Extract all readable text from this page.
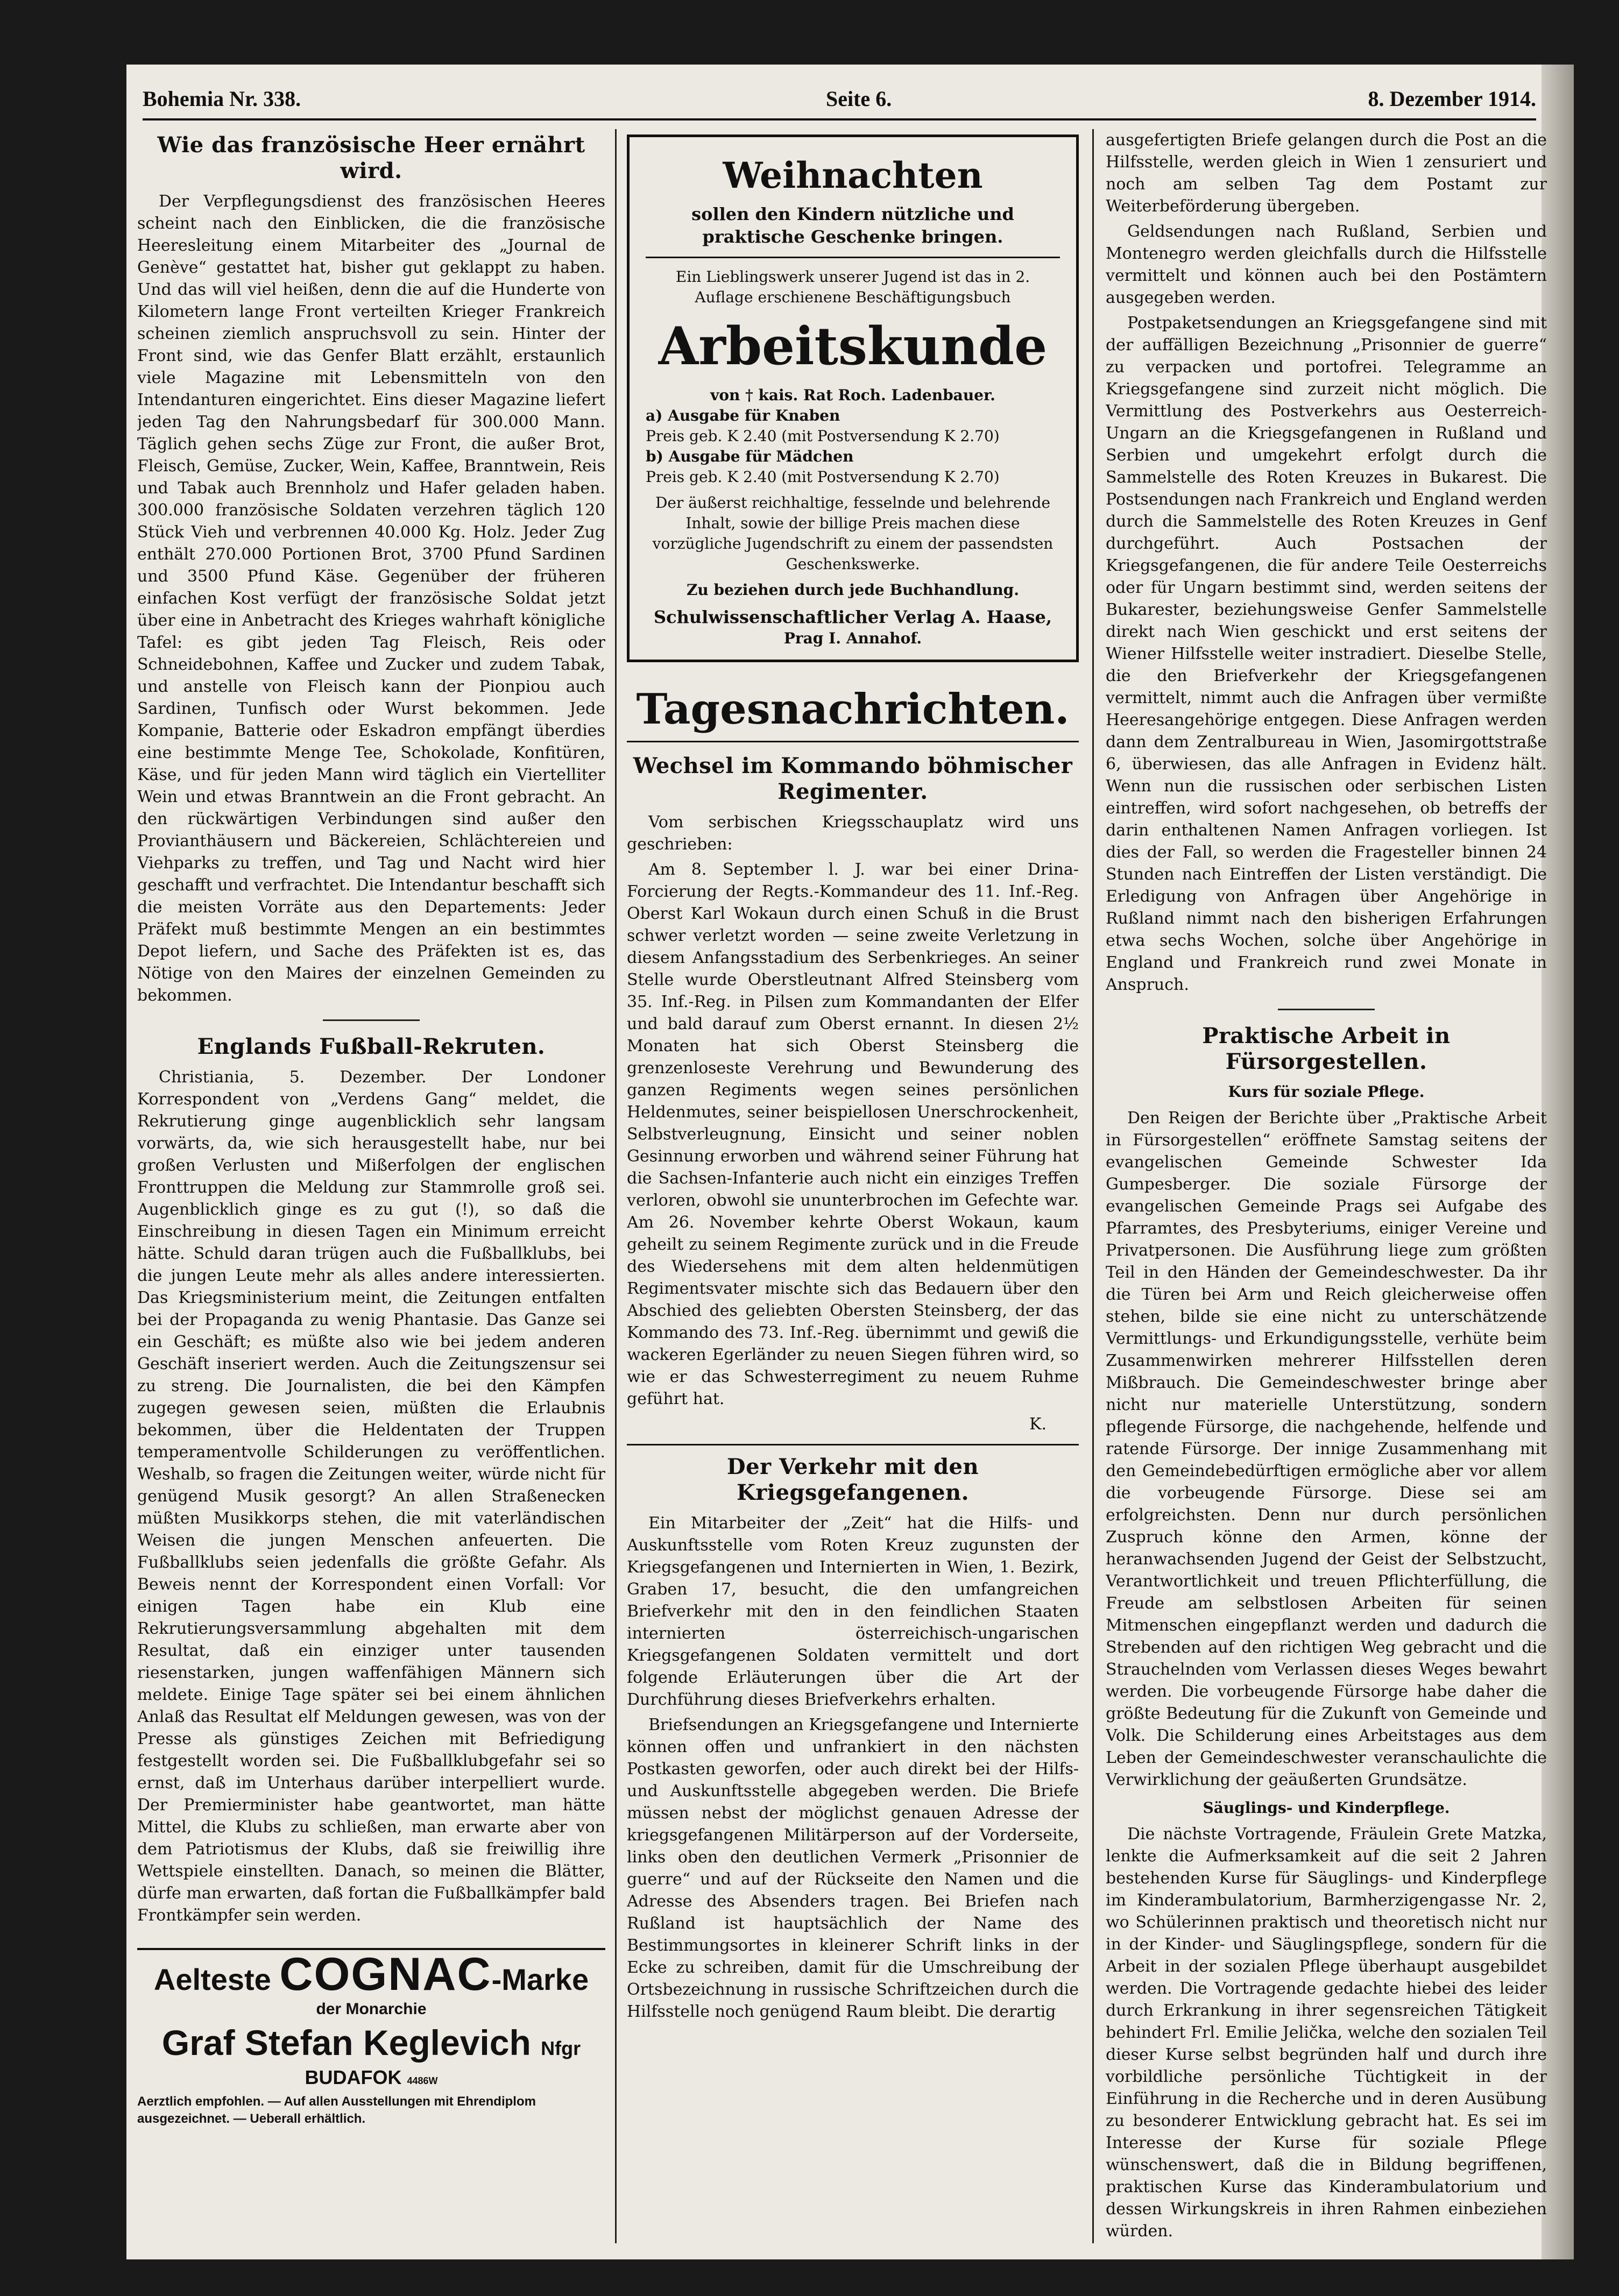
Bohemia Nr. 338.	Seite 6.	8. Dezember 1914.
Wie das französische Heer ernährt wird.

Der Verpflegungsdienst des französischen Heeres scheint nach den Einblicken, die die französische Heeresleitung einem Mitarbeiter des „Journal de Genève“ gestattet hat, bisher gut geklappt zu haben. Und das will viel heißen, denn die auf die Hunderte von Kilometern lange Front verteilten Krieger Frankreich scheinen ziemlich anspruchsvoll zu sein. Hinter der Front sind, wie das Genfer Blatt erzählt, erstaunlich viele Magazine mit Lebensmitteln von den Intendanturen eingerichtet. Eins dieser Magazine liefert jeden Tag den Nahrungsbedarf für 300.000 Mann. Täglich gehen sechs Züge zur Front, die außer Brot, Fleisch, Gemüse, Zucker, Wein, Kaffee, Branntwein, Reis und Tabak auch Brennholz und Hafer geladen haben. 300.000 französische Soldaten verzehren täglich 120 Stück Vieh und verbrennen 40.000 Kg. Holz. Jeder Zug enthält 270.000 Portionen Brot, 3700 Pfund Sardinen und 3500 Pfund Käse. Gegenüber der früheren einfachen Kost verfügt der französische Soldat jetzt über eine in Anbetracht des Krieges wahrhaft königliche Tafel: es gibt jeden Tag Fleisch, Reis oder Schneidebohnen, Kaffee und Zucker und zudem Tabak, und anstelle von Fleisch kann der Pionpiou auch Sardinen, Tunfisch oder Wurst bekommen. Jede Kompanie, Batterie oder Eskadron empfängt überdies eine bestimmte Menge Tee, Schokolade, Konfitüren, Käse, und für jeden Mann wird täglich ein Viertelliter Wein und etwas Branntwein an die Front gebracht. An den rückwärtigen Verbindungen sind außer den Provianthäusern und Bäckereien, Schlächtereien und Viehparks zu treffen, und Tag und Nacht wird hier geschafft und verfrachtet. Die Intendantur beschafft sich die meisten Vorräte aus den Departements: Jeder Präfekt muß bestimmte Mengen an ein bestimmtes Depot liefern, und Sache des Präfekten ist es, das Nötige von den Maires der einzelnen Gemeinden zu bekommen.

Englands Fußball-Rekruten.

Christiania, 5. Dezember. Der Londoner Korrespondent von „Verdens Gang“ meldet, die Rekrutierung ginge augenblicklich sehr langsam vorwärts, da, wie sich herausgestellt habe, nur bei großen Verlusten und Mißerfolgen der englischen Fronttruppen die Meldung zur Stammrolle groß sei. Augenblicklich ginge es zu gut (!), so daß die Einschreibung in diesen Tagen ein Minimum erreicht hätte. Schuld daran trügen auch die Fußballklubs, bei die jungen Leute mehr als alles andere interessierten. Das Kriegsministerium meint, die Zeitungen entfalten bei der Propaganda zu wenig Phantasie. Das Ganze sei ein Geschäft; es müßte also wie bei jedem anderen Geschäft inseriert werden. Auch die Zeitungszensur sei zu streng. Die Journalisten, die bei den Kämpfen zugegen gewesen seien, müßten die Erlaubnis bekommen, über die Heldentaten der Truppen temperamentvolle Schilderungen zu veröffentlichen. Weshalb, so fragen die Zeitungen weiter, würde nicht für genügend Musik gesorgt? An allen Straßenecken müßten Musikkorps stehen, die mit vaterländischen Weisen die jungen Menschen anfeuerten. Die Fußballklubs seien jedenfalls die größte Gefahr. Als Beweis nennt der Korrespondent einen Vorfall: Vor einigen Tagen habe ein Klub eine Rekrutierungsversammlung abgehalten mit dem Resultat, daß ein einziger unter tausenden riesenstarken, jungen waffenfähigen Männern sich meldete. Einige Tage später sei bei einem ähnlichen Anlaß das Resultat elf Meldungen gewesen, was von der Presse als günstiges Zeichen mit Befriedigung festgestellt worden sei. Die Fußballklubgefahr sei so ernst, daß im Unterhaus darüber interpelliert wurde. Der Premierminister habe geantwortet, man hätte Mittel, die Klubs zu schließen, man erwarte aber von dem Patriotismus der Klubs, daß sie freiwillig ihre Wettspiele einstellten. Danach, so meinen die Blätter, dürfe man erwarten, daß fortan die Fußballkämpfer bald Frontkämpfer sein werden.

Aelteste COGNAC-Marke
der Monarchie
Graf Stefan Keglevich Nfgr
BUDAFOK 4486W
Aerztlich empfohlen. — Auf allen Ausstellungen mit Ehrendiplom ausgezeichnet. — Ueberall erhältlich.
Weihnachten
sollen den Kindern nützliche und praktische Geschenke bringen.
Ein Lieblingswerk unserer Jugend ist das in 2. Auflage erschienene Beschäftigungsbuch
Arbeitskunde
von † kais. Rat Roch. Ladenbauer.
a) Ausgabe für Knaben
Preis geb. K 2.40 (mit Postversendung K 2.70)
b) Ausgabe für Mädchen
Preis geb. K 2.40 (mit Postversendung K 2.70)
Der äußerst reichhaltige, fesselnde und belehrende Inhalt, sowie der billige Preis machen diese vorzügliche Jugendschrift zu einem der passendsten Geschenkswerke.
Zu beziehen durch jede Buchhandlung.
Schulwissenschaftlicher Verlag A. Haase,
Prag I. Annahof.
Tagesnachrichten.
Wechsel im Kommando böhmischer Regimenter.

Vom serbischen Kriegsschauplatz wird uns geschrieben:

Am 8. September l. J. war bei einer Drina-Forcierung der Regts.-Kommandeur des 11. Inf.-Reg. Oberst Karl Wokaun durch einen Schuß in die Brust schwer verletzt worden — seine zweite Verletzung in diesem Anfangsstadium des Serbenkrieges. An seiner Stelle wurde Oberstleutnant Alfred Steinsberg vom 35. Inf.-Reg. in Pilsen zum Kommandanten der Elfer und bald darauf zum Oberst ernannt. In diesen 2½ Monaten hat sich Oberst Steinsberg die grenzenloseste Verehrung und Bewunderung des ganzen Regiments wegen seines persönlichen Heldenmutes, seiner beispiellosen Unerschrockenheit, Selbstverleugnung, Einsicht und seiner noblen Gesinnung erworben und während seiner Führung hat die Sachsen-Infanterie auch nicht ein einziges Treffen verloren, obwohl sie ununterbrochen im Gefechte war. Am 26. November kehrte Oberst Wokaun, kaum geheilt zu seinem Regimente zurück und in die Freude des Wiedersehens mit dem alten heldenmütigen Regimentsvater mischte sich das Bedauern über den Abschied des geliebten Obersten Steinsberg, der das Kommando des 73. Inf.-Reg. übernimmt und gewiß die wackeren Egerländer zu neuen Siegen führen wird, so wie er das Schwesterregiment zu neuem Ruhme geführt hat.

K.
Der Verkehr mit den Kriegsgefangenen.

Ein Mitarbeiter der „Zeit“ hat die Hilfs- und Auskunftsstelle vom Roten Kreuz zugunsten der Kriegsgefangenen und Internierten in Wien, 1. Bezirk, Graben 17, besucht, die den umfangreichen Briefverkehr mit den in den feindlichen Staaten internierten österreichisch-ungarischen Kriegsgefangenen Soldaten vermittelt und dort folgende Erläuterungen über die Art der Durchführung dieses Briefverkehrs erhalten.

Briefsendungen an Kriegsgefangene und Internierte können offen und unfrankiert in den nächsten Postkasten geworfen, oder auch direkt bei der Hilfs- und Auskunftsstelle abgegeben werden. Die Briefe müssen nebst der möglichst genauen Adresse der kriegsgefangenen Militärperson auf der Vorderseite, links oben den deutlichen Vermerk „Prisonnier de guerre“ und auf der Rückseite den Namen und die Adresse des Absenders tragen. Bei Briefen nach Rußland ist hauptsächlich der Name des Bestimmungsortes in kleinerer Schrift links in der Ecke zu schreiben, damit für die Umschreibung der Ortsbezeichnung in russische Schriftzeichen durch die Hilfsstelle noch genügend Raum bleibt. Die derartig

ausgefertigten Briefe gelangen durch die Post an die Hilfsstelle, werden gleich in Wien 1 zensuriert und noch am selben Tag dem Postamt zur Weiterbeförderung übergeben.

Geldsendungen nach Rußland, Serbien und Montenegro werden gleichfalls durch die Hilfsstelle vermittelt und können auch bei den Postämtern ausgegeben werden.

Postpaketsendungen an Kriegsgefangene sind mit der auffälligen Bezeichnung „Prisonnier de guerre“ zu verpacken und portofrei. Telegramme an Kriegsgefangene sind zurzeit nicht möglich. Die Vermittlung des Postverkehrs aus Oesterreich-Ungarn an die Kriegsgefangenen in Rußland und Serbien und umgekehrt erfolgt durch die Sammelstelle des Roten Kreuzes in Bukarest. Die Postsendungen nach Frankreich und England werden durch die Sammelstelle des Roten Kreuzes in Genf durchgeführt. Auch Postsachen der Kriegsgefangenen, die für andere Teile Oesterreichs oder für Ungarn bestimmt sind, werden seitens der Bukarester, beziehungsweise Genfer Sammelstelle direkt nach Wien geschickt und erst seitens der Wiener Hilfsstelle weiter instradiert. Dieselbe Stelle, die den Briefverkehr der Kriegsgefangenen vermittelt, nimmt auch die Anfragen über vermißte Heeresangehörige entgegen. Diese Anfragen werden dann dem Zentralbureau in Wien, Jasomirgottstraße 6, überwiesen, das alle Anfragen in Evidenz hält. Wenn nun die russischen oder serbischen Listen eintreffen, wird sofort nachgesehen, ob betreffs der darin enthaltenen Namen Anfragen vorliegen. Ist dies der Fall, so werden die Fragesteller binnen 24 Stunden nach Eintreffen der Listen verständigt. Die Erledigung von Anfragen über Angehörige in Rußland nimmt nach den bisherigen Erfahrungen etwa sechs Wochen, solche über Angehörige in England und Frankreich rund zwei Monate in Anspruch.

Praktische Arbeit in Fürsorgestellen.
Kurs für soziale Pflege.

Den Reigen der Berichte über „Praktische Arbeit in Fürsorgestellen“ eröffnete Samstag seitens der evangelischen Gemeinde Schwester Ida Gumpesberger. Die soziale Fürsorge der evangelischen Gemeinde Prags sei Aufgabe des Pfarramtes, des Presbyteriums, einiger Vereine und Privatpersonen. Die Ausführung liege zum größten Teil in den Händen der Gemeindeschwester. Da ihr die Türen bei Arm und Reich gleicherweise offen stehen, bilde sie eine nicht zu unterschätzende Vermittlungs- und Erkundigungsstelle, verhüte beim Zusammenwirken mehrerer Hilfsstellen deren Mißbrauch. Die Gemeindeschwester bringe aber nicht nur materielle Unterstützung, sondern pflegende Fürsorge, die nachgehende, helfende und ratende Fürsorge. Der innige Zusammenhang mit den Gemeindebedürftigen ermögliche aber vor allem die vorbeugende Fürsorge. Diese sei am erfolgreichsten. Denn nur durch persönlichen Zuspruch könne den Armen, könne der heranwachsenden Jugend der Geist der Selbstzucht, Verantwortlichkeit und treuen Pflichterfüllung, die Freude am selbstlosen Arbeiten für seinen Mitmenschen eingepflanzt werden und dadurch die Strebenden auf den richtigen Weg gebracht und die Strauchelnden vom Verlassen dieses Weges bewahrt werden. Die vorbeugende Fürsorge habe daher die größte Bedeutung für die Zukunft von Gemeinde und Volk. Die Schilderung eines Arbeitstages aus dem Leben der Gemeindeschwester veranschaulichte die Verwirklichung der geäußerten Grundsätze.

Säuglings- und Kinderpflege.

Die nächste Vortragende, Fräulein Grete Matzka, lenkte die Aufmerksamkeit auf die seit 2 Jahren bestehenden Kurse für Säuglings- und Kinderpflege im Kinderambulatorium, Barmherzigengasse Nr. 2, wo Schülerinnen praktisch und theoretisch nicht nur in der Kinder- und Säuglingspflege, sondern für die Arbeit in der sozialen Pflege überhaupt ausgebildet werden. Die Vortragende gedachte hiebei des leider durch Erkrankung in ihrer segensreichen Tätigkeit behindert Frl. Emilie Jelička, welche den sozialen Teil dieser Kurse selbst begründen half und durch ihre vorbildliche persönliche Tüchtigkeit in der Einführung in die Recherche und in deren Ausübung zu besonderer Entwicklung gebracht hat. Es sei im Interesse der Kurse für soziale Pflege wünschenswert, daß die in Bildung begriffenen, praktischen Kurse das Kinderambulatorium und dessen Wirkungskreis in ihren Rahmen einbeziehen würden.
